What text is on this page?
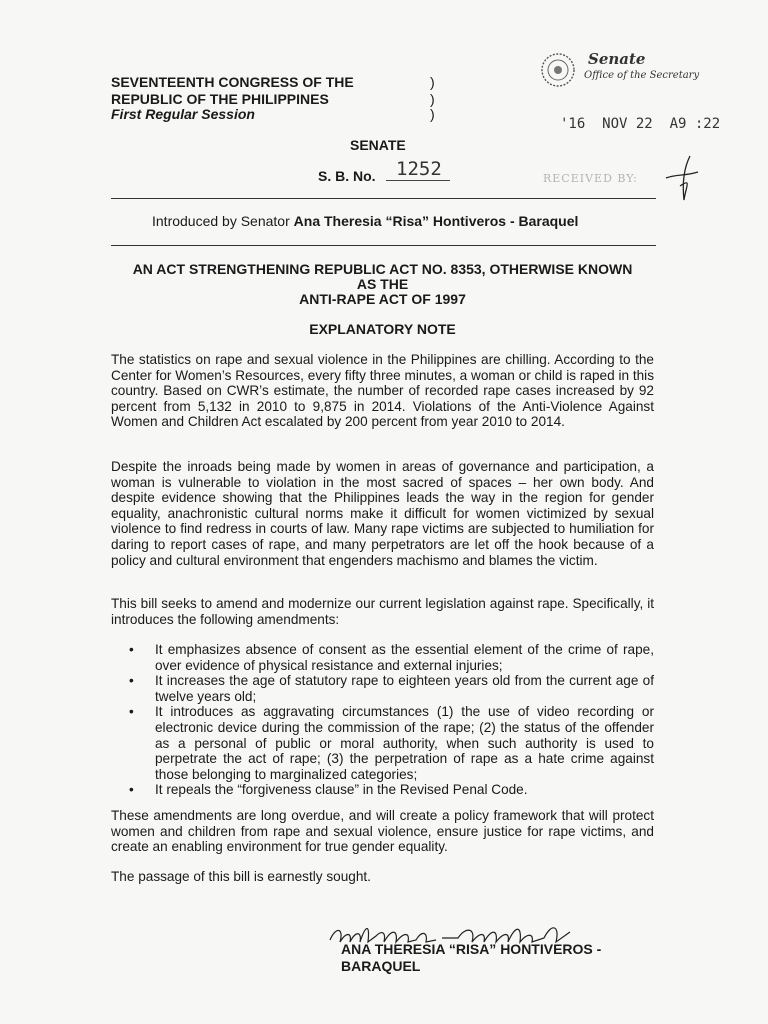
SEVENTEENTH CONGRESS OF THE
REPUBLIC OF THE PHILIPPINES
First Regular Session
)
)
)
SENATE
S. B. No. 1252
Senate
Office of the Secretary
'16  NOV 22  A9 :22
RECEIVED BY:
Introduced by Senator Ana Theresia “Risa” Hontiveros - Baraquel
AN ACT STRENGTHENING REPUBLIC ACT NO. 8353, OTHERWISE KNOWN
AS THE
ANTI-RAPE ACT OF 1997
EXPLANATORY NOTE
The statistics on rape and sexual violence in the Philippines are chilling. According to the Center for Women’s Resources, every fifty three minutes, a woman or child is raped in this country. Based on CWR’s estimate, the number of recorded rape cases increased by 92 percent from 5,132 in 2010 to 9,875 in 2014. Violations of the Anti-Violence Against Women and Children Act escalated by 200 percent from year 2010 to 2014.
Despite the inroads being made by women in areas of governance and participation, a woman is vulnerable to violation in the most sacred of spaces – her own body. And despite evidence showing that the Philippines leads the way in the region for gender equality, anachronistic cultural norms make it difficult for women victimized by sexual violence to find redress in courts of law. Many rape victims are subjected to humiliation for daring to report cases of rape, and many perpetrators are let off the hook because of a policy and cultural environment that engenders machismo and blames the victim.
This bill seeks to amend and modernize our current legislation against rape. Specifically, it introduces the following amendments:
• It emphasizes absence of consent as the essential element of the crime of rape, over evidence of physical resistance and external injuries;
• It increases the age of statutory rape to eighteen years old from the current age of twelve years old;
• It introduces as aggravating circumstances (1) the use of video recording or electronic device during the commission of the rape; (2) the status of the offender as a personal of public or moral authority, when such authority is used to perpetrate the act of rape; (3) the perpetration of rape as a hate crime against those belonging to marginalized categories;
• It repeals the “forgiveness clause” in the Revised Penal Code.
These amendments are long overdue, and will create a policy framework that will protect women and children from rape and sexual violence, ensure justice for rape victims, and create an enabling environment for true gender equality.
The passage of this bill is earnestly sought.
ANA THERESIA “RISA” HONTIVEROS -
BARAQUEL
